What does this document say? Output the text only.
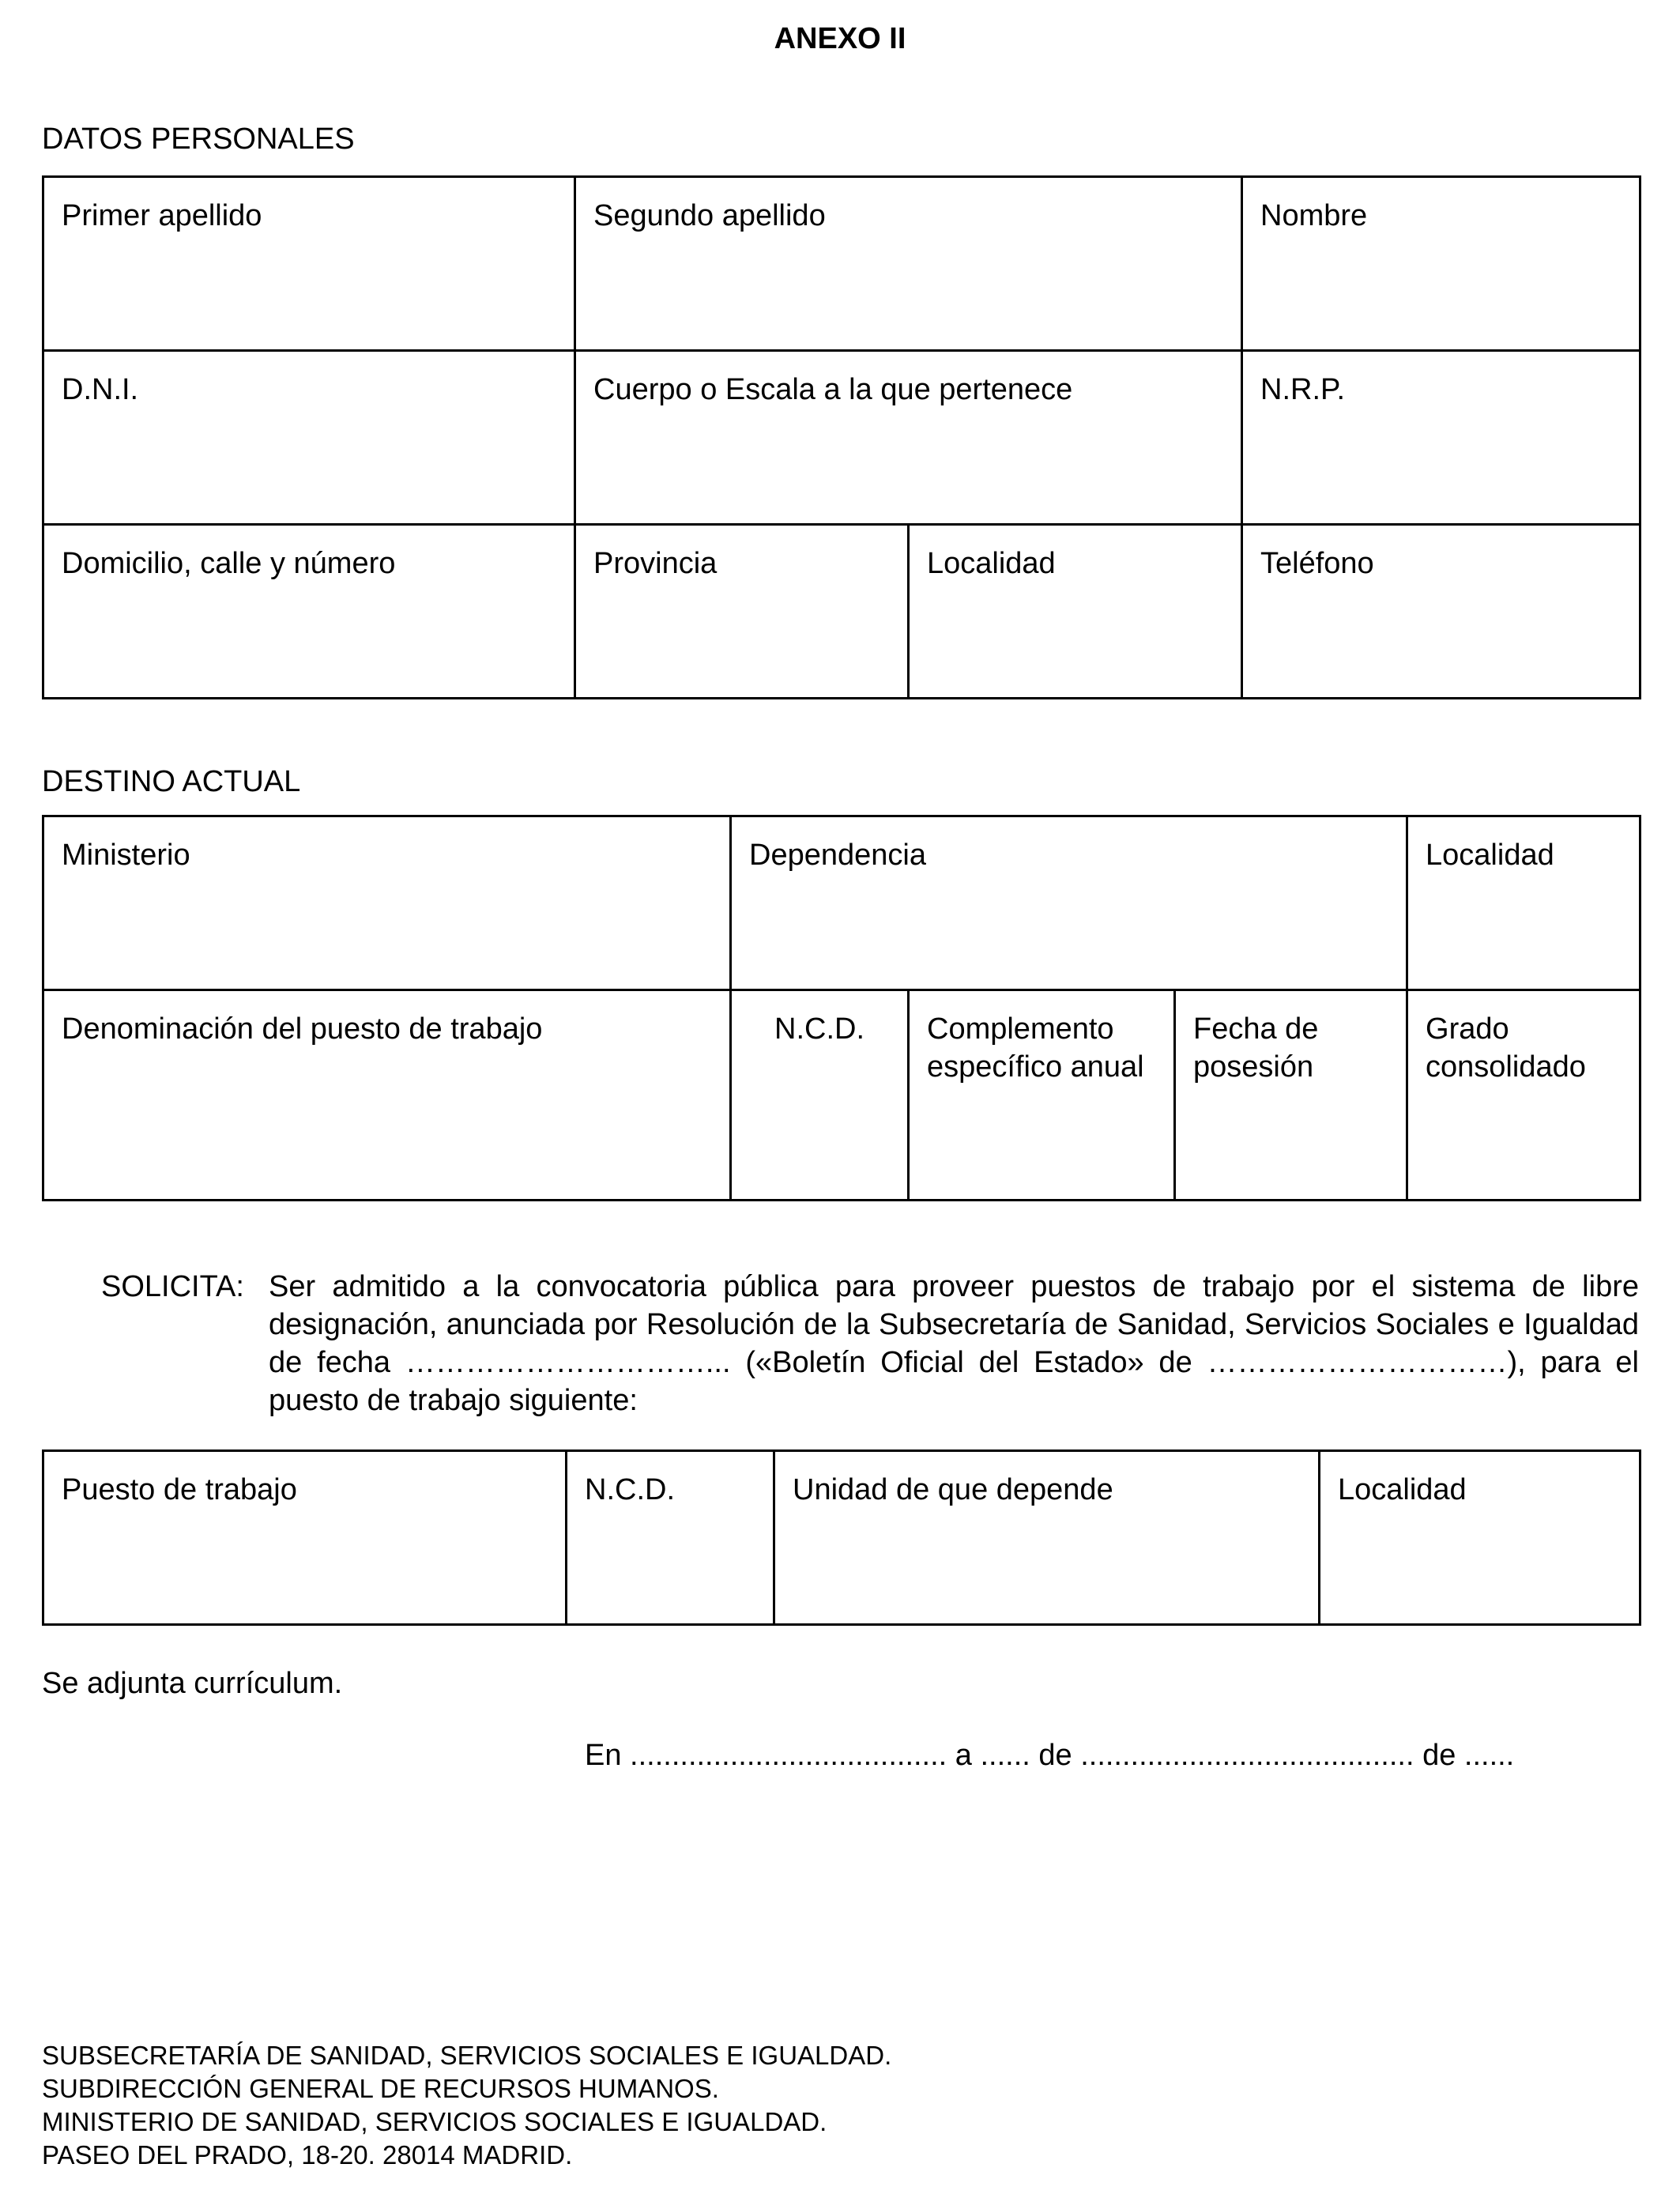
ANEXO II
DATOS PERSONALES
Primer apellido	Segundo apellido		Nombre
D.N.I.	Cuerpo o Escala a la que pertenece		N.R.P.
Domicilio, calle y número	Provincia	Localidad	Teléfono
DESTINO ACTUAL
Ministerio	Dependencia			Localidad
Denominación del puesto de trabajo	N.C.D.	Complemento específico anual	Fecha de posesión	Grado consolidado
SOLICITA: Ser admitido a la convocatoria pública para proveer puestos de trabajo por el sistema de libre designación, anunciada por Resolución de la Subsecretaría de Sanidad, Servicios Sociales e Igualdad de fecha …………………………... («Boletín Oficial del Estado» de …………………………), para el puesto de trabajo siguiente:
Puesto de trabajo	N.C.D.	Unidad de que depende	Localidad
Se adjunta currículum.
En ...................................... a ...... de ........................................ de ......
SUBSECRETARÍA DE SANIDAD, SERVICIOS SOCIALES E IGUALDAD.
SUBDIRECCIÓN GENERAL DE RECURSOS HUMANOS.
MINISTERIO DE SANIDAD, SERVICIOS SOCIALES E IGUALDAD.
PASEO DEL PRADO, 18-20. 28014 MADRID.
